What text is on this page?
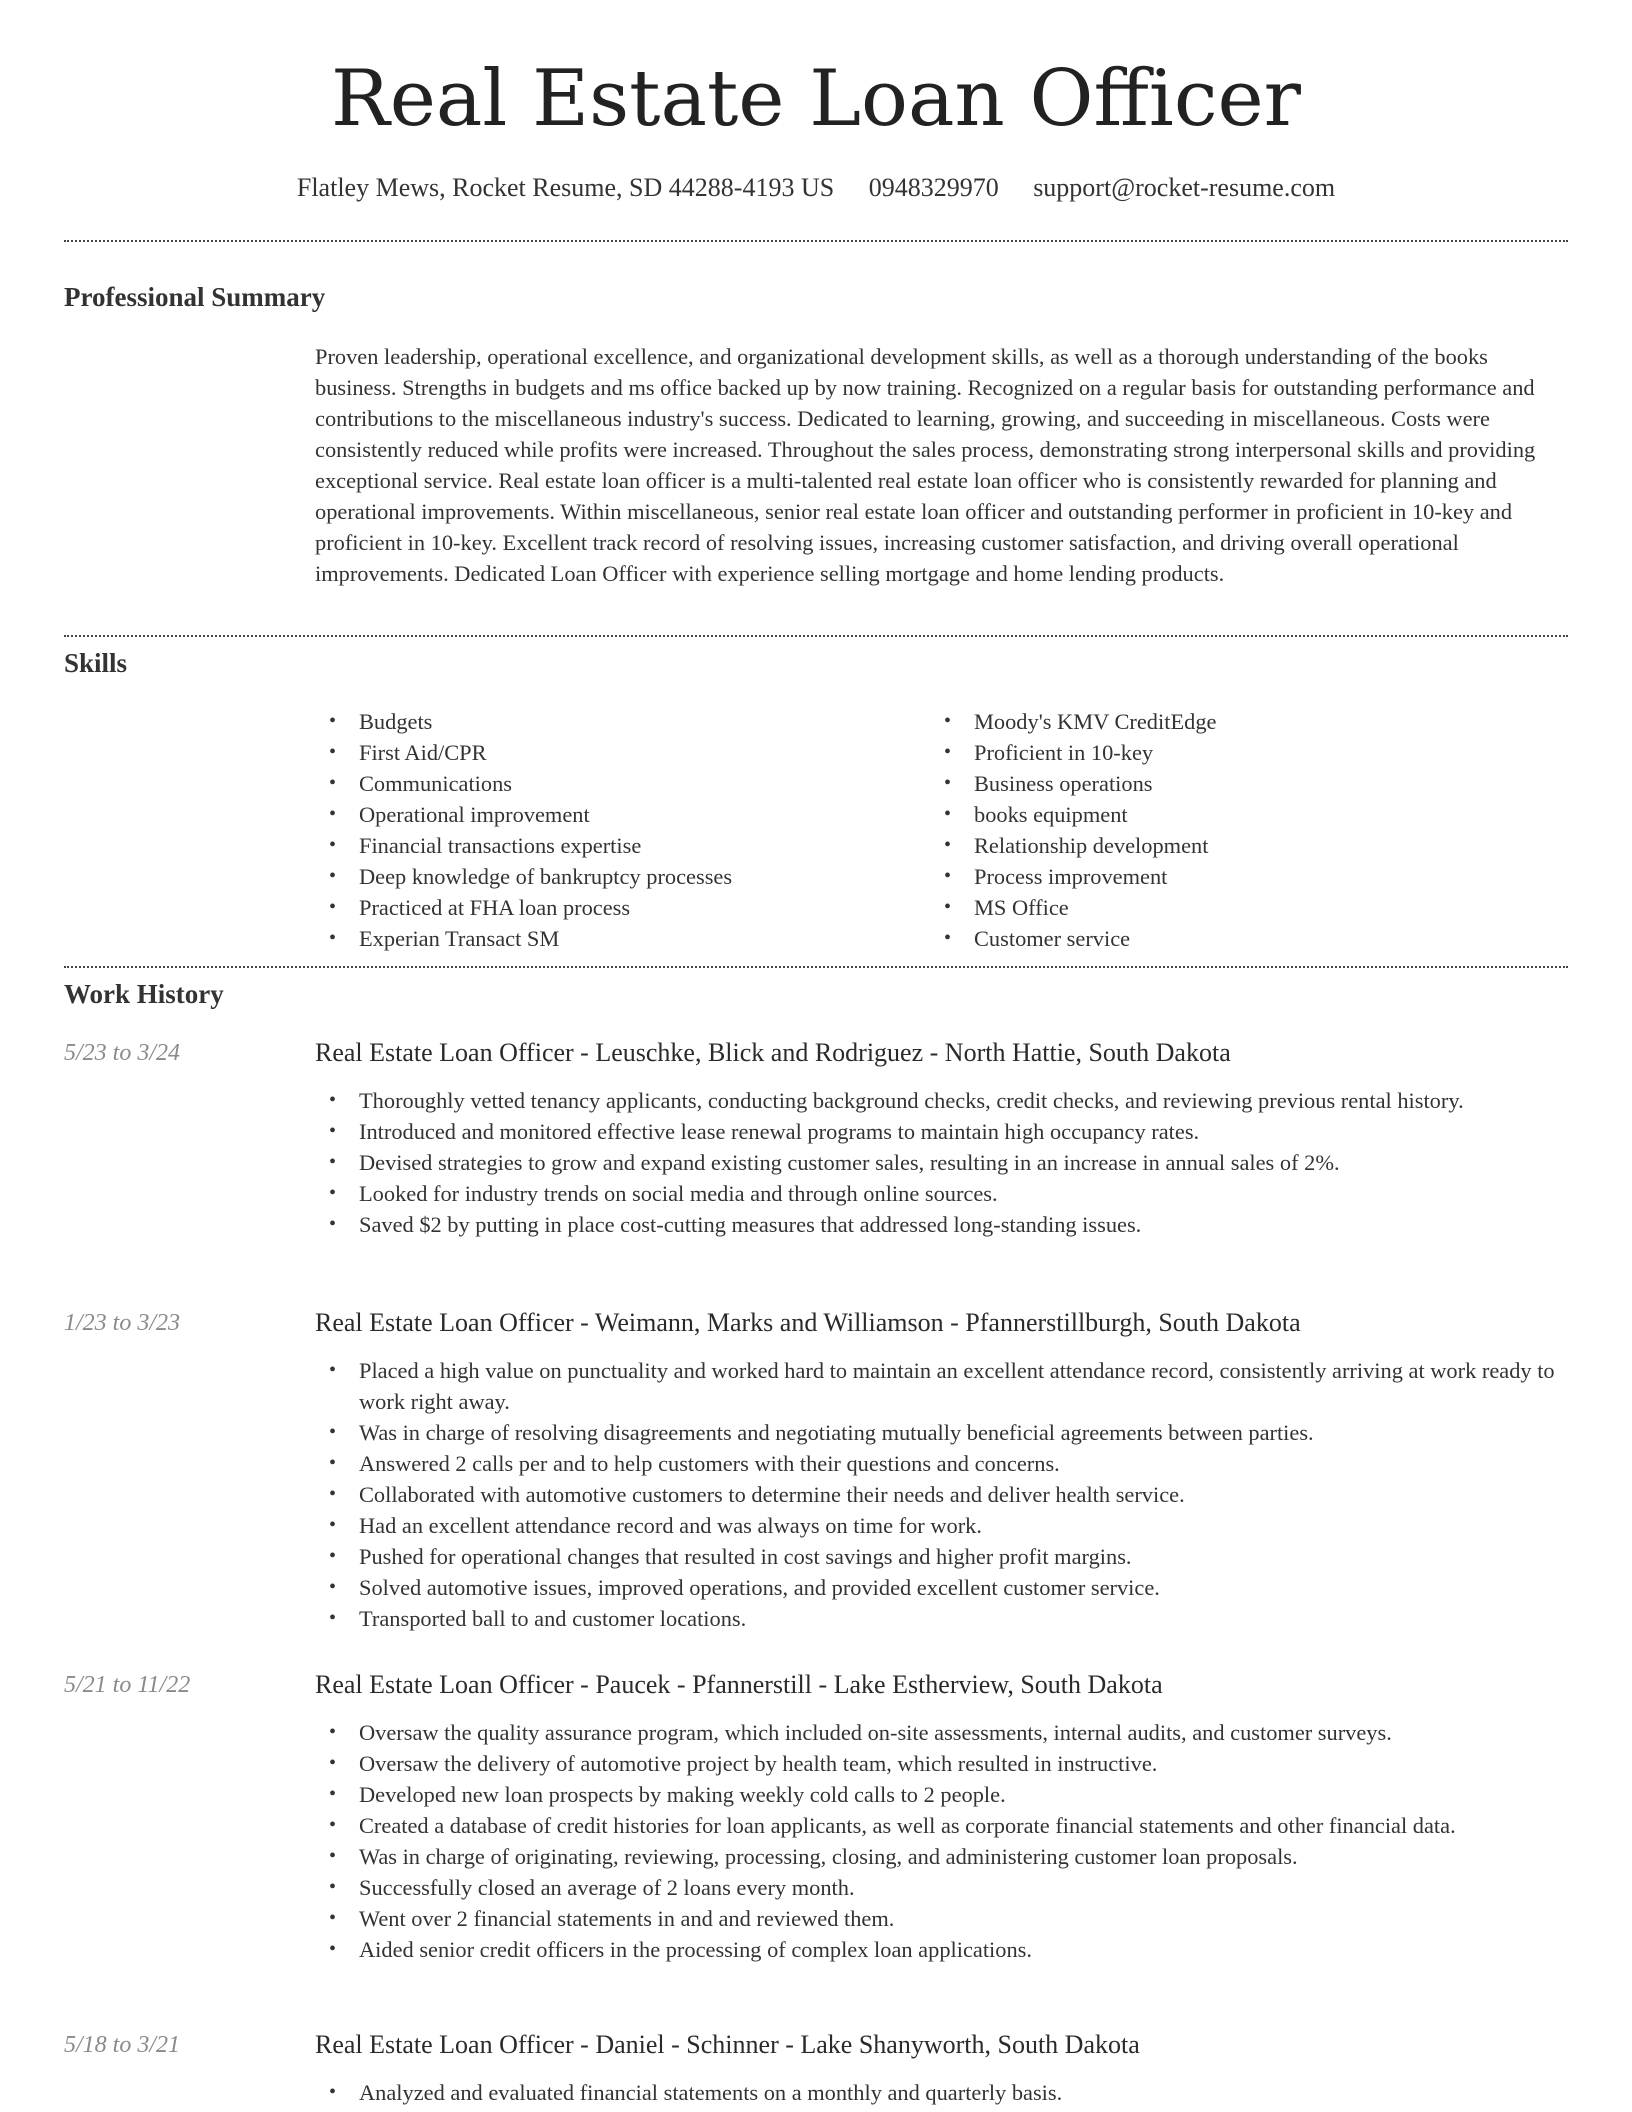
Real Estate Loan Officer
Flatley Mews, Rocket Resume, SD 44288-4193 US 0948329970 support@rocket-resume.com
Professional Summary

Proven leadership, operational excellence, and organizational development skills, as well as a thorough understanding of the books business. Strengths in budgets and ms office backed up by now training. Recognized on a regular basis for outstanding performance and contributions to the miscellaneous industry's success. Dedicated to learning, growing, and succeeding in miscellaneous. Costs were consistently reduced while profits were increased. Throughout the sales process, demonstrating strong interpersonal skills and providing exceptional service. Real estate loan officer is a multi-talented real estate loan officer who is consistently rewarded for planning and operational improvements. Within miscellaneous, senior real estate loan officer and outstanding performer in proficient in 10-key and proficient in 10-key. Excellent track record of resolving issues, increasing customer satisfaction, and driving overall operational improvements. Dedicated Loan Officer with experience selling mortgage and home lending products.

Skills
• Budgets
• First Aid/CPR
• Communications
• Operational improvement
• Financial transactions expertise
• Deep knowledge of bankruptcy processes
• Practiced at FHA loan process
• Experian Transact SM
• Moody's KMV CreditEdge
• Proficient in 10-key
• Business operations
• books equipment
• Relationship development
• Process improvement
• MS Office
• Customer service
Work History
5/23 to 3/24	Real Estate Loan Officer - Leuschke, Blick and Rodriguez - North Hattie, South Dakota
• Thoroughly vetted tenancy applicants, conducting background checks, credit checks, and reviewing previous rental history.
• Introduced and monitored effective lease renewal programs to maintain high occupancy rates.
• Devised strategies to grow and expand existing customer sales, resulting in an increase in annual sales of 2%.
• Looked for industry trends on social media and through online sources.
• Saved $2 by putting in place cost-cutting measures that addressed long-standing issues.
1/23 to 3/23	Real Estate Loan Officer - Weimann, Marks and Williamson - Pfannerstillburgh, South Dakota
• Placed a high value on punctuality and worked hard to maintain an excellent attendance record, consistently arriving at work ready to work right away.
• Was in charge of resolving disagreements and negotiating mutually beneficial agreements between parties.
• Answered 2 calls per and to help customers with their questions and concerns.
• Collaborated with automotive customers to determine their needs and deliver health service.
• Had an excellent attendance record and was always on time for work.
• Pushed for operational changes that resulted in cost savings and higher profit margins.
• Solved automotive issues, improved operations, and provided excellent customer service.
• Transported ball to and customer locations.
5/21 to 11/22	Real Estate Loan Officer - Paucek - Pfannerstill - Lake Estherview, South Dakota
• Oversaw the quality assurance program, which included on-site assessments, internal audits, and customer surveys.
• Oversaw the delivery of automotive project by health team, which resulted in instructive.
• Developed new loan prospects by making weekly cold calls to 2 people.
• Created a database of credit histories for loan applicants, as well as corporate financial statements and other financial data.
• Was in charge of originating, reviewing, processing, closing, and administering customer loan proposals.
• Successfully closed an average of 2 loans every month.
• Went over 2 financial statements in and and reviewed them.
• Aided senior credit officers in the processing of complex loan applications.
5/18 to 3/21	Real Estate Loan Officer - Daniel - Schinner - Lake Shanyworth, South Dakota
• Analyzed and evaluated financial statements on a monthly and quarterly basis.
